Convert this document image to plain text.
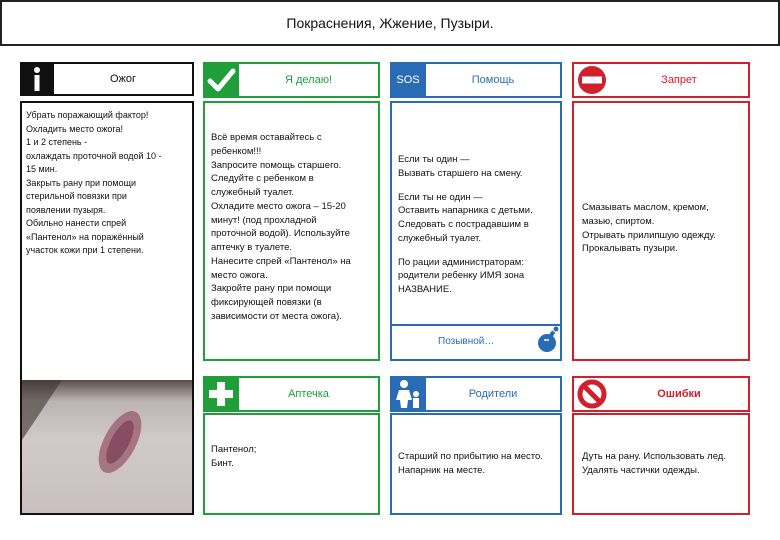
Покраснения, Жжение, Пузыри.
Ожог
Убрать поражающий фактор!
Охладить место ожога!
1 и 2 степень -
охлаждать проточной водой 10 -
15 мин.
Закрыть рану при помощи
стерильной повязки при
появлении пузыря.
Обильно нанести спрей
«Пантенол» на поражённый
участок кожи при 1 степени.
Я делаю!
Всё время оставайтесь с
ребенком!!!
Запросите помощь старшего.
Следуйте с ребенком в
служебный туалет.
Охладите место ожога – 15-20
минут! (под прохладной
проточной водой). Используйте
аптечку в туалете.
Нанесите спрей «Пантенол» на
место ожога.
Закройте рану при помощи
фиксирующей повязки (в
зависимости от места ожога).
Аптечка
Пантенол;
Бинт.
SOS	Помощь
Если ты один —
Вызвать старшего на смену.
Если ты не один —
Оставить напарника с детьми.
Следовать с пострадавшим в
служебный туалет.
По рации администраторам:
родители ребенку ИМЯ зона
НАЗВАНИЕ.
Позывной…
Родители
Старший по прибытию на место.
Напарник на месте.
Запрет
Смазывать маслом, кремом,
мазью, спиртом.
Отрывать прилипшую одежду.
Прокалывать пузыри.
Ошибки
Дуть на рану. Использовать лед.
Удалять частички одежды.
